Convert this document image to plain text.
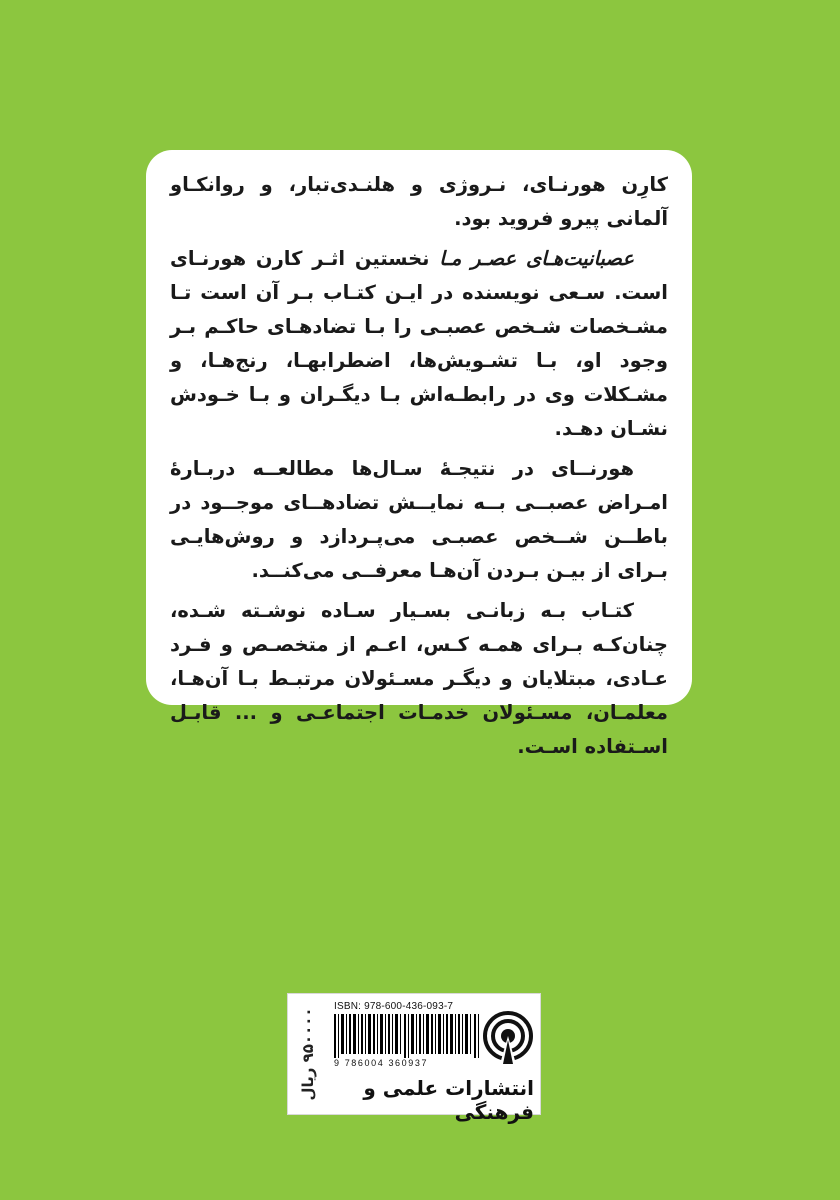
کارِن هورنـای، نـروژی و هلنـدی‌تبار، و روانکـاو آلمانی پیرو فروید بود.

عصبانیت‌هـای عصـر مـا نخستین اثـر کارن هورنـای است. سـعی نویسنده در ایـن کتـاب بـر آن است تـا مشـخصات شـخص عصبـی را بـا تضادهـای حاکـم بـر وجود او، بـا تشـویش‌ها، اضطرابهـا، رنج‌هـا، و مشـکلات وی در رابطـه‌اش بـا دیگـران و بـا خـودش نشـان دهـد.

هورنــای در نتیجـهٔ سـال‌ها مطالعــه دربـارهٔ امـراض عصبــی بــه نمایــش تضادهــای موجــود در باطــن شــخص عصبـی می‌پـردازد و روش‌هایـی بـرای از بیـن بـردن آن‌هـا معرفــی می‌کنــد.

کتـاب بـه زبانـی بسـیار سـاده نوشـته شـده، چنان‌کـه بـرای همـه کـس، اعـم از متخصـص و فـرد عـادی، مبتلایان و دیگـر مسـئولان مرتبـط بـا آن‌هـا، معلمـان، مسـئولان خدمـات اجتماعـی و ... قابـل اسـتفاده اسـت.

۹۵۰۰۰۰ ریال
ISBN: 978-600-436-093-7
9 786004 360937
انتشارات علمی و فرهنگی
